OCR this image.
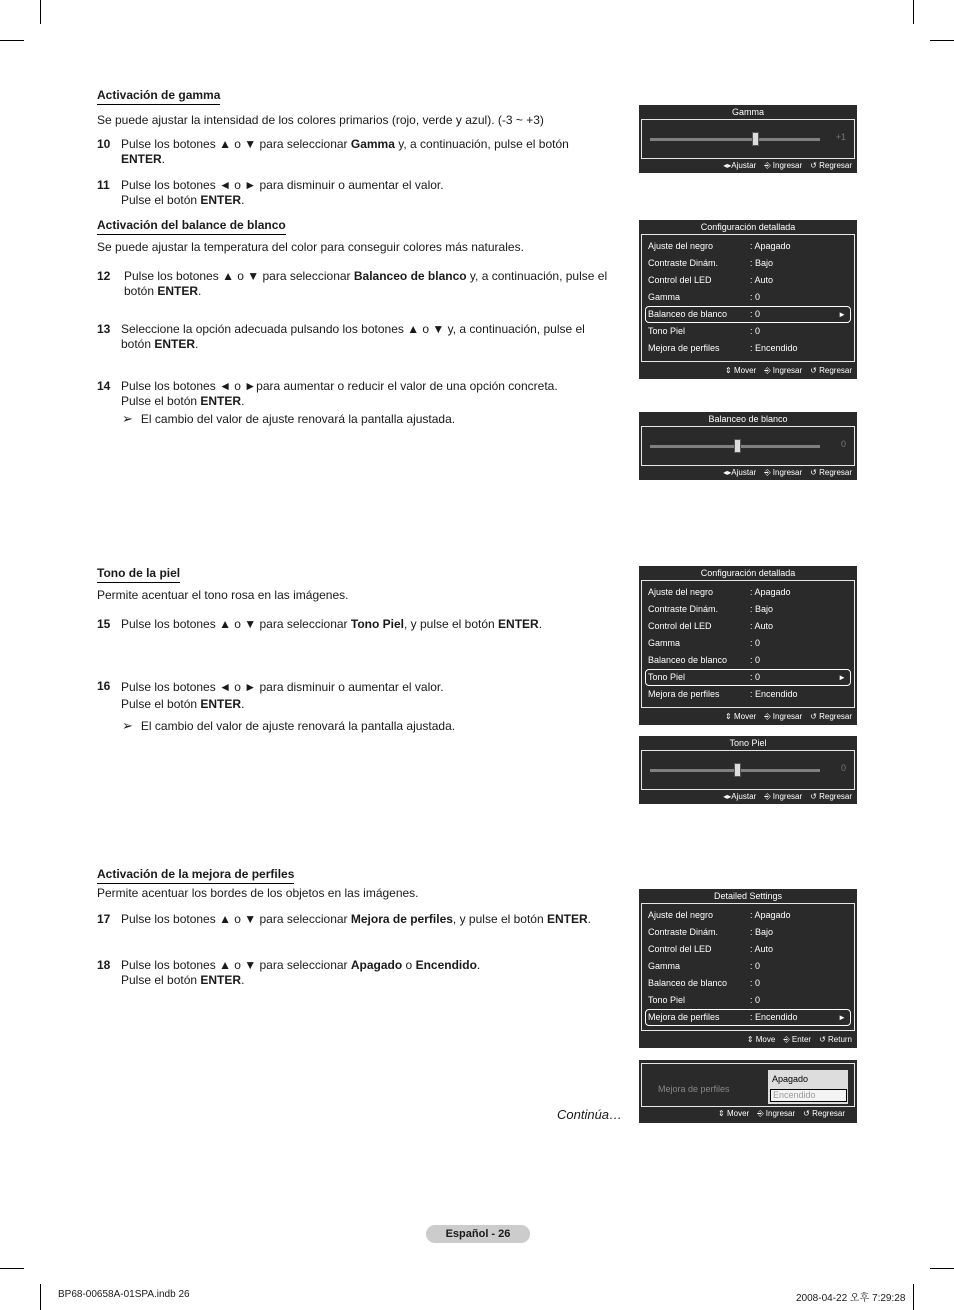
Activación de gamma
Se puede ajustar la intensidad de los colores primarios (rojo, verde y azul). (-3 ~ +3)
10 Pulse los botones ▲ o ▼ para seleccionar Gamma y, a continuación, pulse el botón
ENTER.
11 Pulse los botones ◄ o ► para disminuir o aumentar el valor.
Pulse el botón ENTER.
Gamma
+1
◂▸Ajustar ⎆ Ingresar ↺ Regresar
Activación del balance de blanco
Se puede ajustar la temperatura del color para conseguir colores más naturales.
12 Pulse los botones ▲ o ▼ para seleccionar Balanceo de blanco y, a continuación, pulse el
botón ENTER.
13 Seleccione la opción adecuada pulsando los botones ▲ o ▼ y, a continuación, pulse el
botón ENTER.
14 Pulse los botones ◄ o ►para aumentar o reducir el valor de una opción concreta.
Pulse el botón ENTER.
➢ El cambio del valor de ajuste renovará la pantalla ajustada.
Configuración detallada
Ajuste del negro	: Apagado
Contraste Dinám.	: Bajo
Control del LED	: Auto
Gamma	: 0
Balanceo de blanco	: 0	►
Tono Piel	: 0
Mejora de perfiles	: Encendido
⇕ Mover ⎆ Ingresar ↺ Regresar
Balanceo de blanco
0
◂▸Ajustar ⎆ Ingresar ↺ Regresar
Tono de la piel
Permite acentuar el tono rosa en las imágenes.
15 Pulse los botones ▲ o ▼ para seleccionar Tono Piel, y pulse el botón ENTER.
16 Pulse los botones ◄ o ► para disminuir o aumentar el valor.
Pulse el botón ENTER.
➢ El cambio del valor de ajuste renovará la pantalla ajustada.
Configuración detallada
Ajuste del negro	: Apagado
Contraste Dinám.	: Bajo
Control del LED	: Auto
Gamma	: 0
Balanceo de blanco	: 0
Tono Piel	: 0	►
Mejora de perfiles	: Encendido
⇕ Mover ⎆ Ingresar ↺ Regresar
Tono Piel
0
◂▸Ajustar ⎆ Ingresar ↺ Regresar
Activación de la mejora de perfiles
Permite acentuar los bordes de los objetos en las imágenes.
17 Pulse los botones ▲ o ▼ para seleccionar Mejora de perfiles, y pulse el botón ENTER.
18 Pulse los botones ▲ o ▼ para seleccionar Apagado o Encendido.
Pulse el botón ENTER.
Detailed Settings
Ajuste del negro	: Apagado
Contraste Dinám.	: Bajo
Control del LED	: Auto
Gamma	: 0
Balanceo de blanco	: 0
Tono Piel	: 0
Mejora de perfiles	: Encendido	►
⇕ Move ⎆ Enter ↺ Return
Mejora de perfiles
Apagado
Encendido
⇕ Mover ⎆ Ingresar ↺ Regresar
Continúa…
Español - 26
BP68-00658A-01SPA.indb 26	2008-04-22 오후 7:29:28
